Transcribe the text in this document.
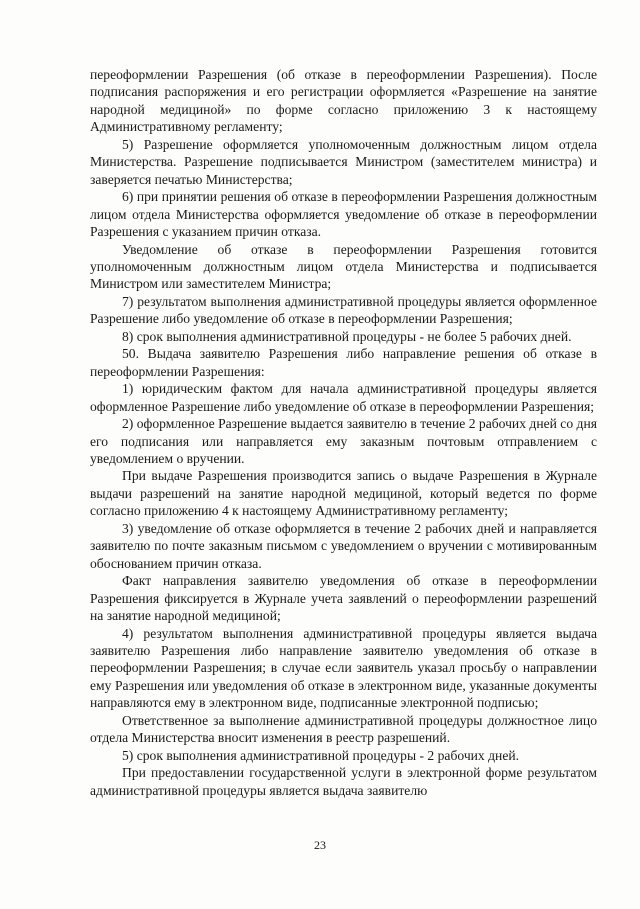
переоформлении Разрешения (об отказе в переоформлении Разрешения). После подписания распоряжения и его регистрации оформляется «Разрешение на занятие народной медициной» по форме согласно приложению 3 к настоящему Административному регламенту;

5) Разрешение оформляется уполномоченным должностным лицом отдела Министерства. Разрешение подписывается Министром (заместителем министра) и заверяется печатью Министерства;

6) при принятии решения об отказе в переоформлении Разрешения должностным лицом отдела Министерства оформляется уведомление об отказе в переоформлении Разрешения с указанием причин отказа.

Уведомление об отказе в переоформлении Разрешения готовится уполномоченным должностным лицом отдела Министерства и подписывается Министром или заместителем Министра;

7) результатом выполнения административной процедуры является оформленное Разрешение либо уведомление об отказе в переоформлении Разрешения;

8) срок выполнения административной процедуры - не более 5 рабочих дней.

50. Выдача заявителю Разрешения либо направление решения об отказе в переоформлении Разрешения:

1) юридическим фактом для начала административной процедуры является оформленное Разрешение либо уведомление об отказе в переоформлении Разрешения;

2) оформленное Разрешение выдается заявителю в течение 2 рабочих дней со дня его подписания или направляется ему заказным почтовым отправлением с уведомлением о вручении.

При выдаче Разрешения производится запись о выдаче Разрешения в Журнале выдачи разрешений на занятие народной медициной, который ведется по форме согласно приложению 4 к настоящему Административному регламенту;

3) уведомление об отказе оформляется в течение 2 рабочих дней и направляется заявителю по почте заказным письмом с уведомлением о вручении с мотивированным обоснованием причин отказа.

Факт направления заявителю уведомления об отказе в переоформлении Разрешения фиксируется в Журнале учета заявлений о переоформлении разрешений на занятие народной медициной;

4) результатом выполнения административной процедуры является выдача заявителю Разрешения либо направление заявителю уведомления об отказе в переоформлении Разрешения; в случае если заявитель указал просьбу о направлении ему Разрешения или уведомления об отказе в электронном виде, указанные документы направляются ему в электронном виде, подписанные электронной подписью;

Ответственное за выполнение административной процедуры должностное лицо отдела Министерства вносит изменения в реестр разрешений.

5) срок выполнения административной процедуры - 2 рабочих дней.

При предоставлении государственной услуги в электронной форме результатом административной процедуры является выдача заявителю

23
